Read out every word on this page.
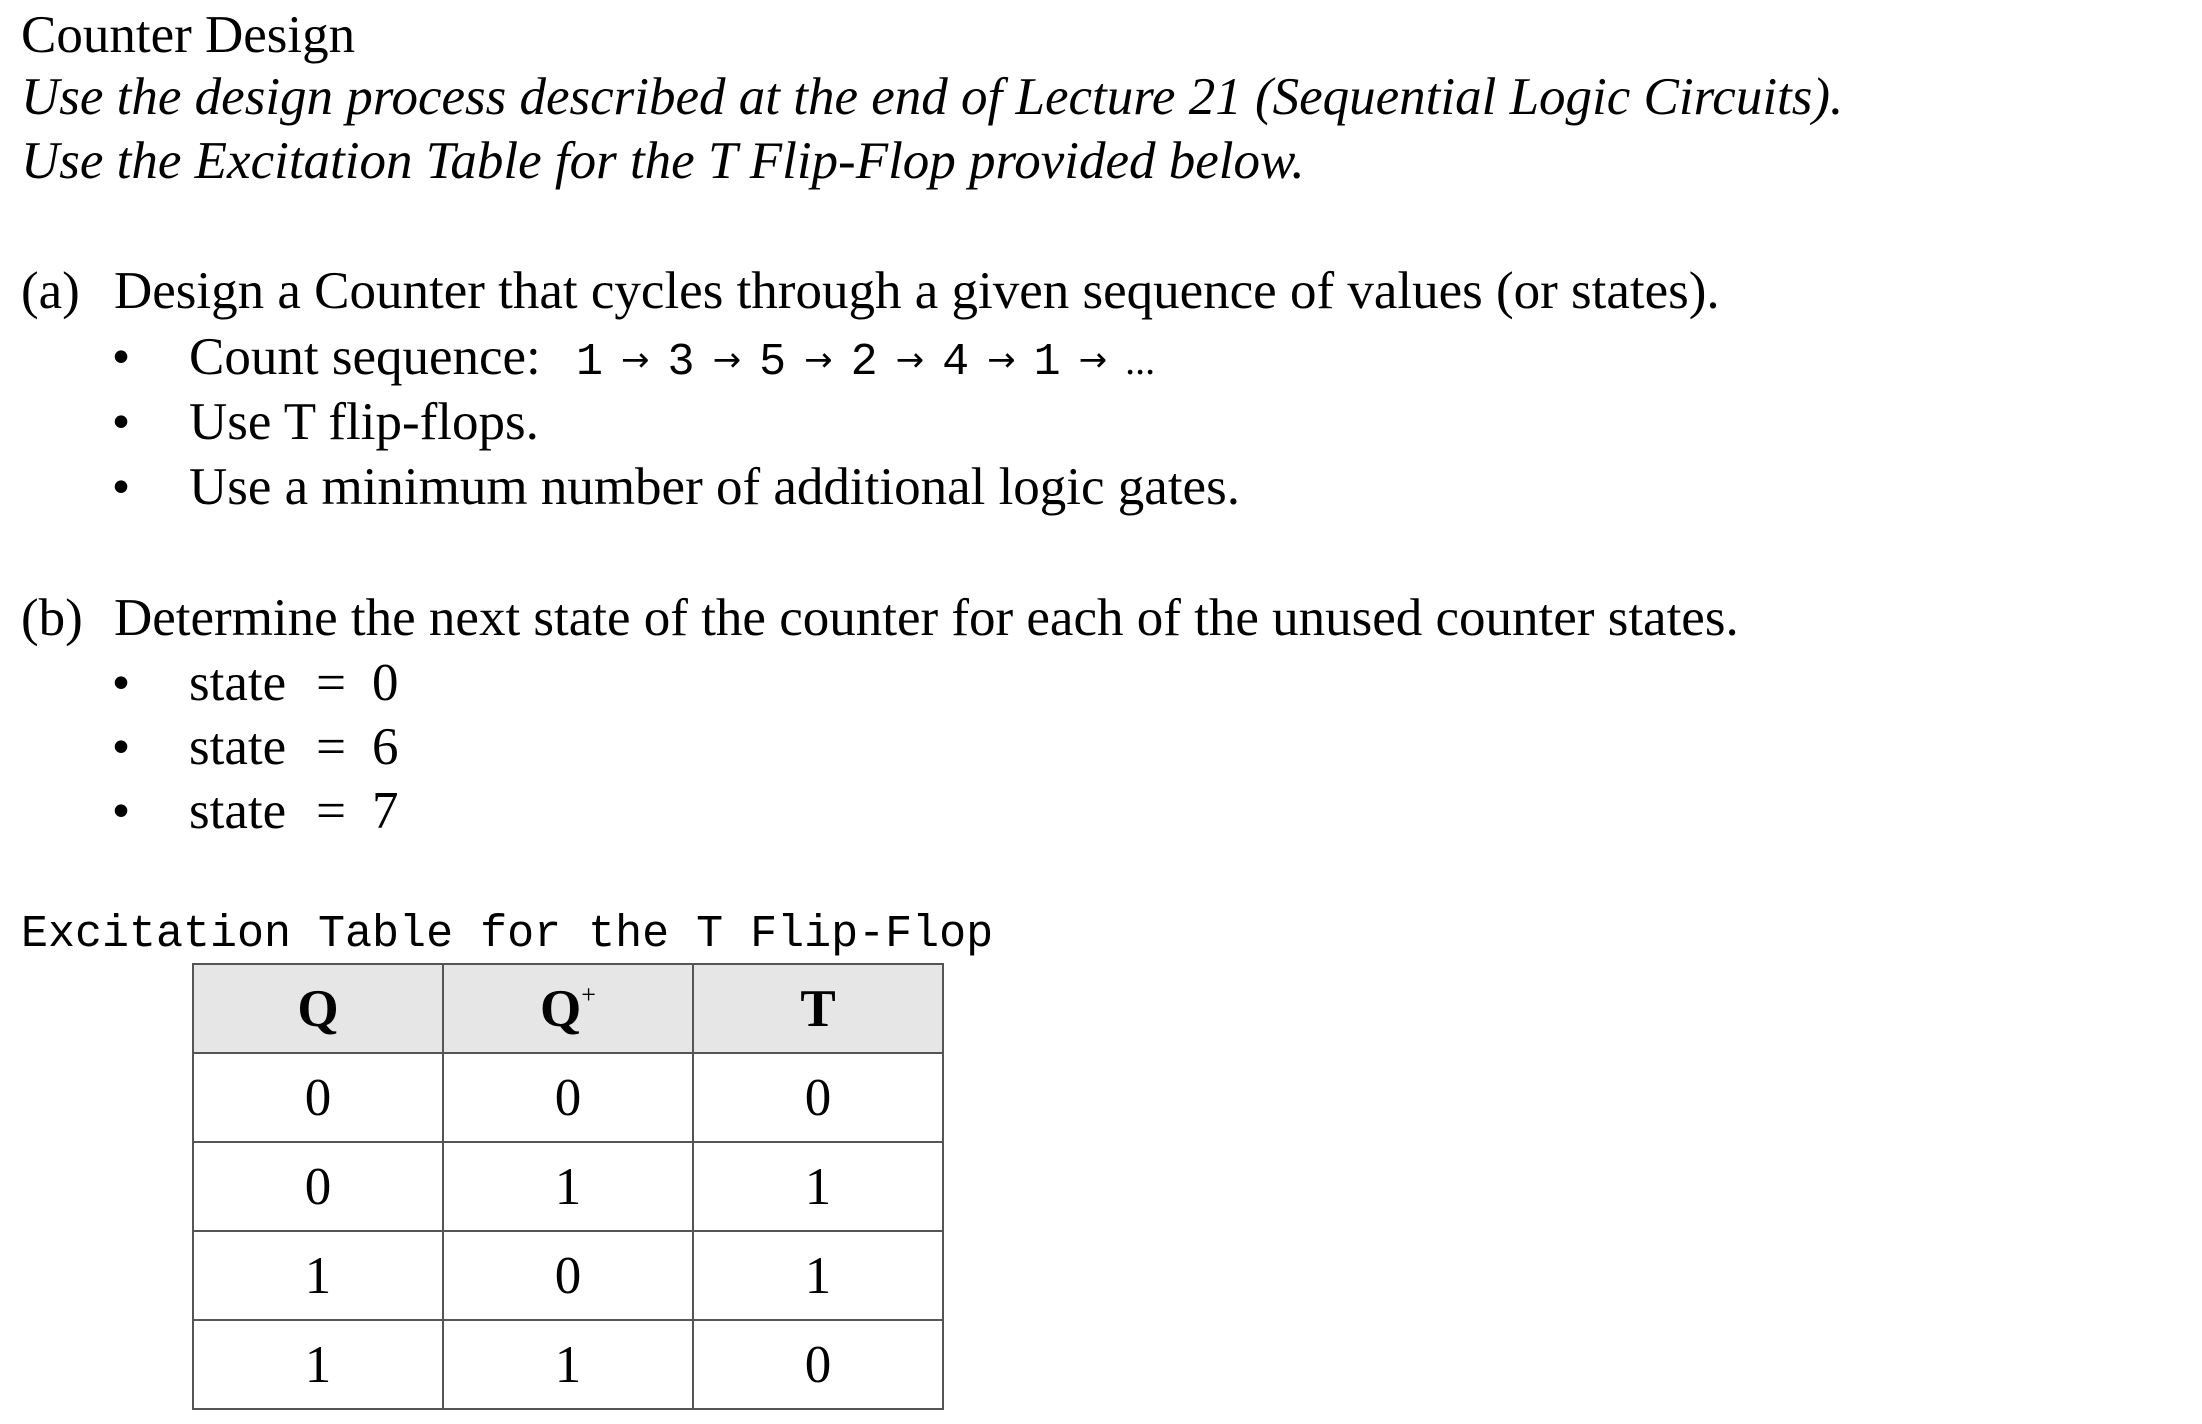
Counter Design
Use the design process described at the end of Lecture 21 (Sequential Logic Circuits).
Use the Excitation Table for the T Flip-Flop provided below.
(a) Design a Counter that cycles through a given sequence of values (or states).
• Count sequence: 1 → 3 → 5 → 2 → 4 → 1 → ...
• Use T flip-flops.
• Use a minimum number of additional logic gates.
(b) Determine the next state of the counter for each of the unused counter states.
• state = 0
• state = 6
• state = 7
Excitation Table for the T Flip-Flop
Q	Q+	T
0	0	0
0	1	1
1	0	1
1	1	0
